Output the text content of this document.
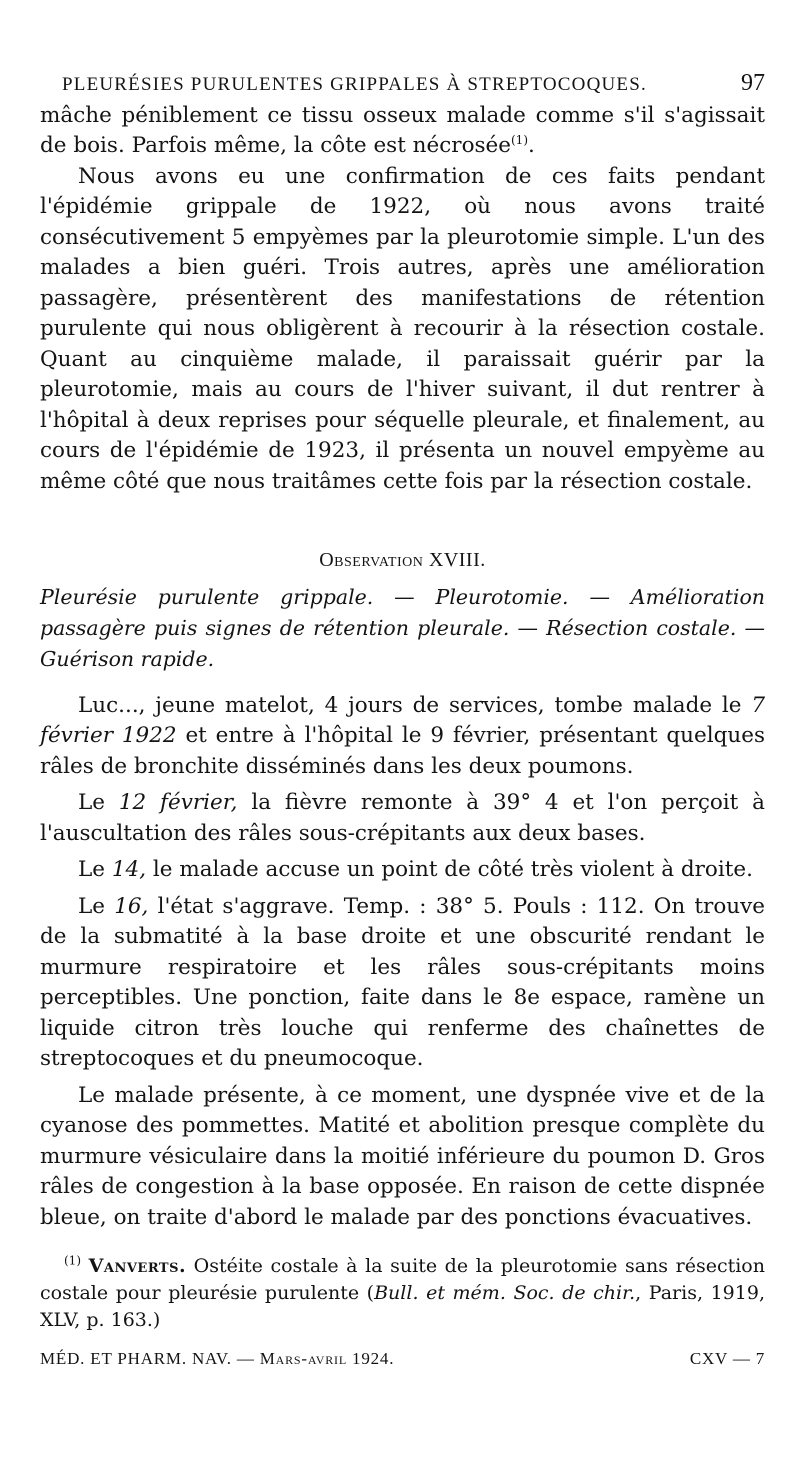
PLEURÉSIES PURULENTES GRIPPALES À STREPTOCOQUES.	97

mâche péniblement ce tissu osseux malade comme s'il s'agissait de bois. Parfois même, la côte est nécrosée$^{(1)}$.

Nous avons eu une confirmation de ces faits pendant l'épidémie grippale de 1922, où nous avons traité consécutivement 5 empyèmes par la pleurotomie simple. L'un des malades a bien guéri. Trois autres, après une amélioration passagère, présentèrent des manifestations de rétention purulente qui nous obligèrent à recourir à la résection costale. Quant au cinquième malade, il paraissait guérir par la pleurotomie, mais au cours de l'hiver suivant, il dut rentrer à l'hôpital à deux reprises pour séquelle pleurale, et finalement, au cours de l'épidémie de 1923, il présenta un nouvel empyème au même côté que nous traitâmes cette fois par la résection costale.

Observation XVIII.

Pleurésie purulente grippale. — Pleurotomie. — Amélioration passagère puis signes de rétention pleurale. — Résection costale. — Guérison rapide.

Luc..., jeune matelot, 4 jours de services, tombe malade le 7 février 1922 et entre à l'hôpital le 9 février, présentant quelques râles de bronchite disséminés dans les deux poumons.

Le 12 février, la fièvre remonte à 39° 4 et l'on perçoit à l'auscultation des râles sous-crépitants aux deux bases.

Le 14, le malade accuse un point de côté très violent à droite.

Le 16, l'état s'aggrave. Temp. : 38° 5. Pouls : 112. On trouve de la submatité à la base droite et une obscurité rendant le murmure respiratoire et les râles sous-crépitants moins perceptibles. Une ponction, faite dans le 8e espace, ramène un liquide citron très louche qui renferme des chaînettes de streptocoques et du pneumocoque.

Le malade présente, à ce moment, une dyspnée vive et de la cyanose des pommettes. Matité et abolition presque complète du murmure vésiculaire dans la moitié inférieure du poumon D. Gros râles de congestion à la base opposée. En raison de cette dispnée bleue, on traite d'abord le malade par des ponctions évacuatives.

$^{(1)}$ Vanverts. Ostéite costale à la suite de la pleurotomie sans résection costale pour pleurésie purulente (Bull. et mém. Soc. de chir., Paris, 1919, XLV, p. 163.)

MÉD. ET PHARM. NAV. — Mars-avril 1924.	CXV — 7
